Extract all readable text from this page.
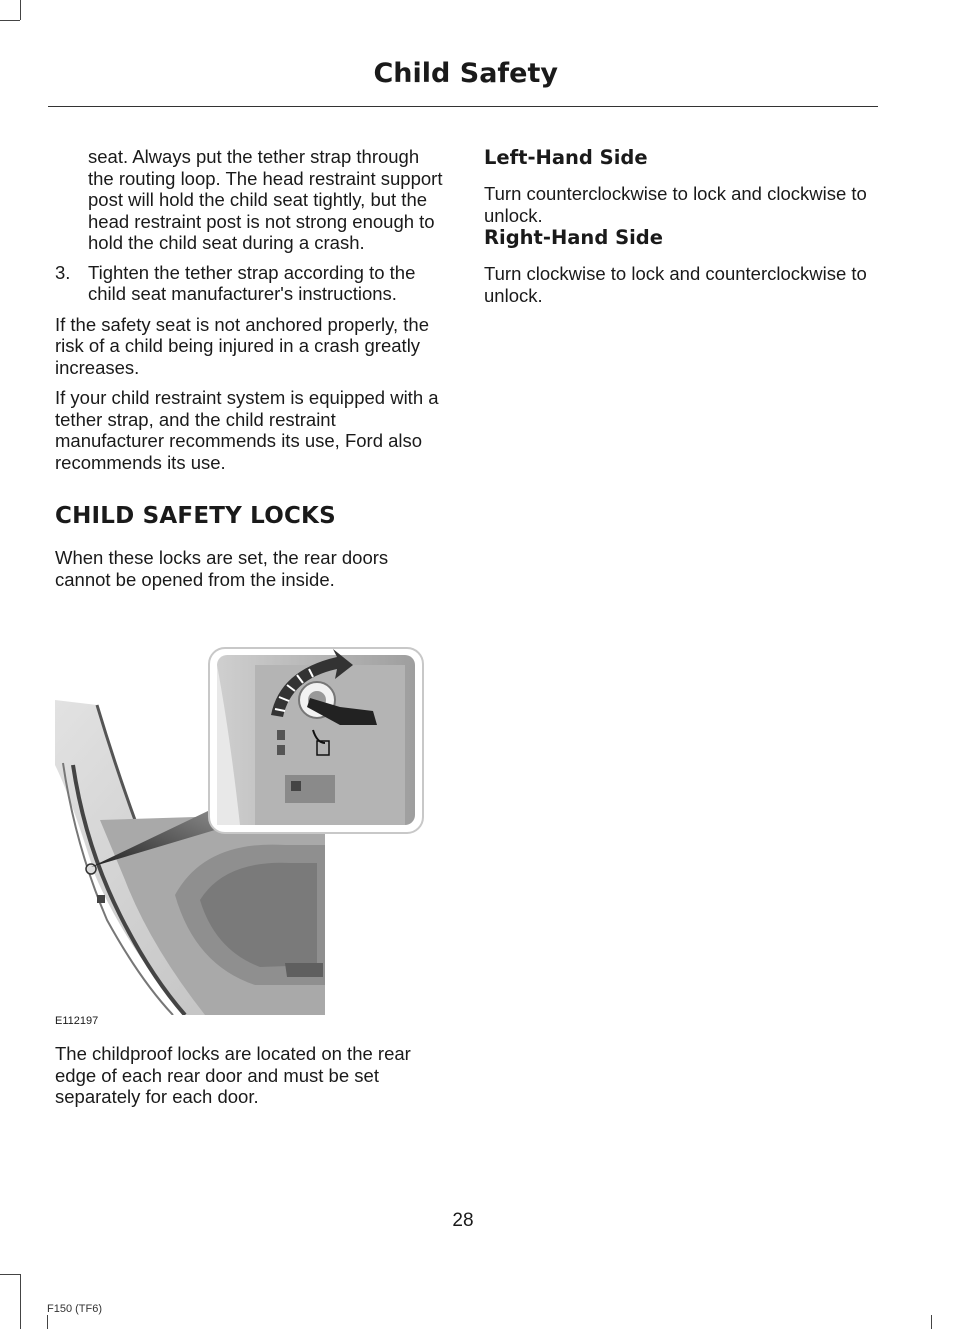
Child Safety

seat. Always put the tether strap through the routing loop. The head restraint support post will hold the child seat tightly, but the head restraint post is not strong enough to hold the child seat during a crash.

3. Tighten the tether strap according to the child seat manufacturer's instructions.

If the safety seat is not anchored properly, the risk of a child being injured in a crash greatly increases.

If your child restraint system is equipped with a tether strap, and the child restraint manufacturer recommends its use, Ford also recommends its use.

CHILD SAFETY LOCKS

When these locks are set, the rear doors cannot be opened from the inside.

E112197

The childproof locks are located on the rear edge of each rear door and must be set separately for each door.

Left-Hand Side

Turn counterclockwise to lock and clockwise to unlock.

Right-Hand Side

Turn clockwise to lock and counterclockwise to unlock.

28
F150 (TF6)
